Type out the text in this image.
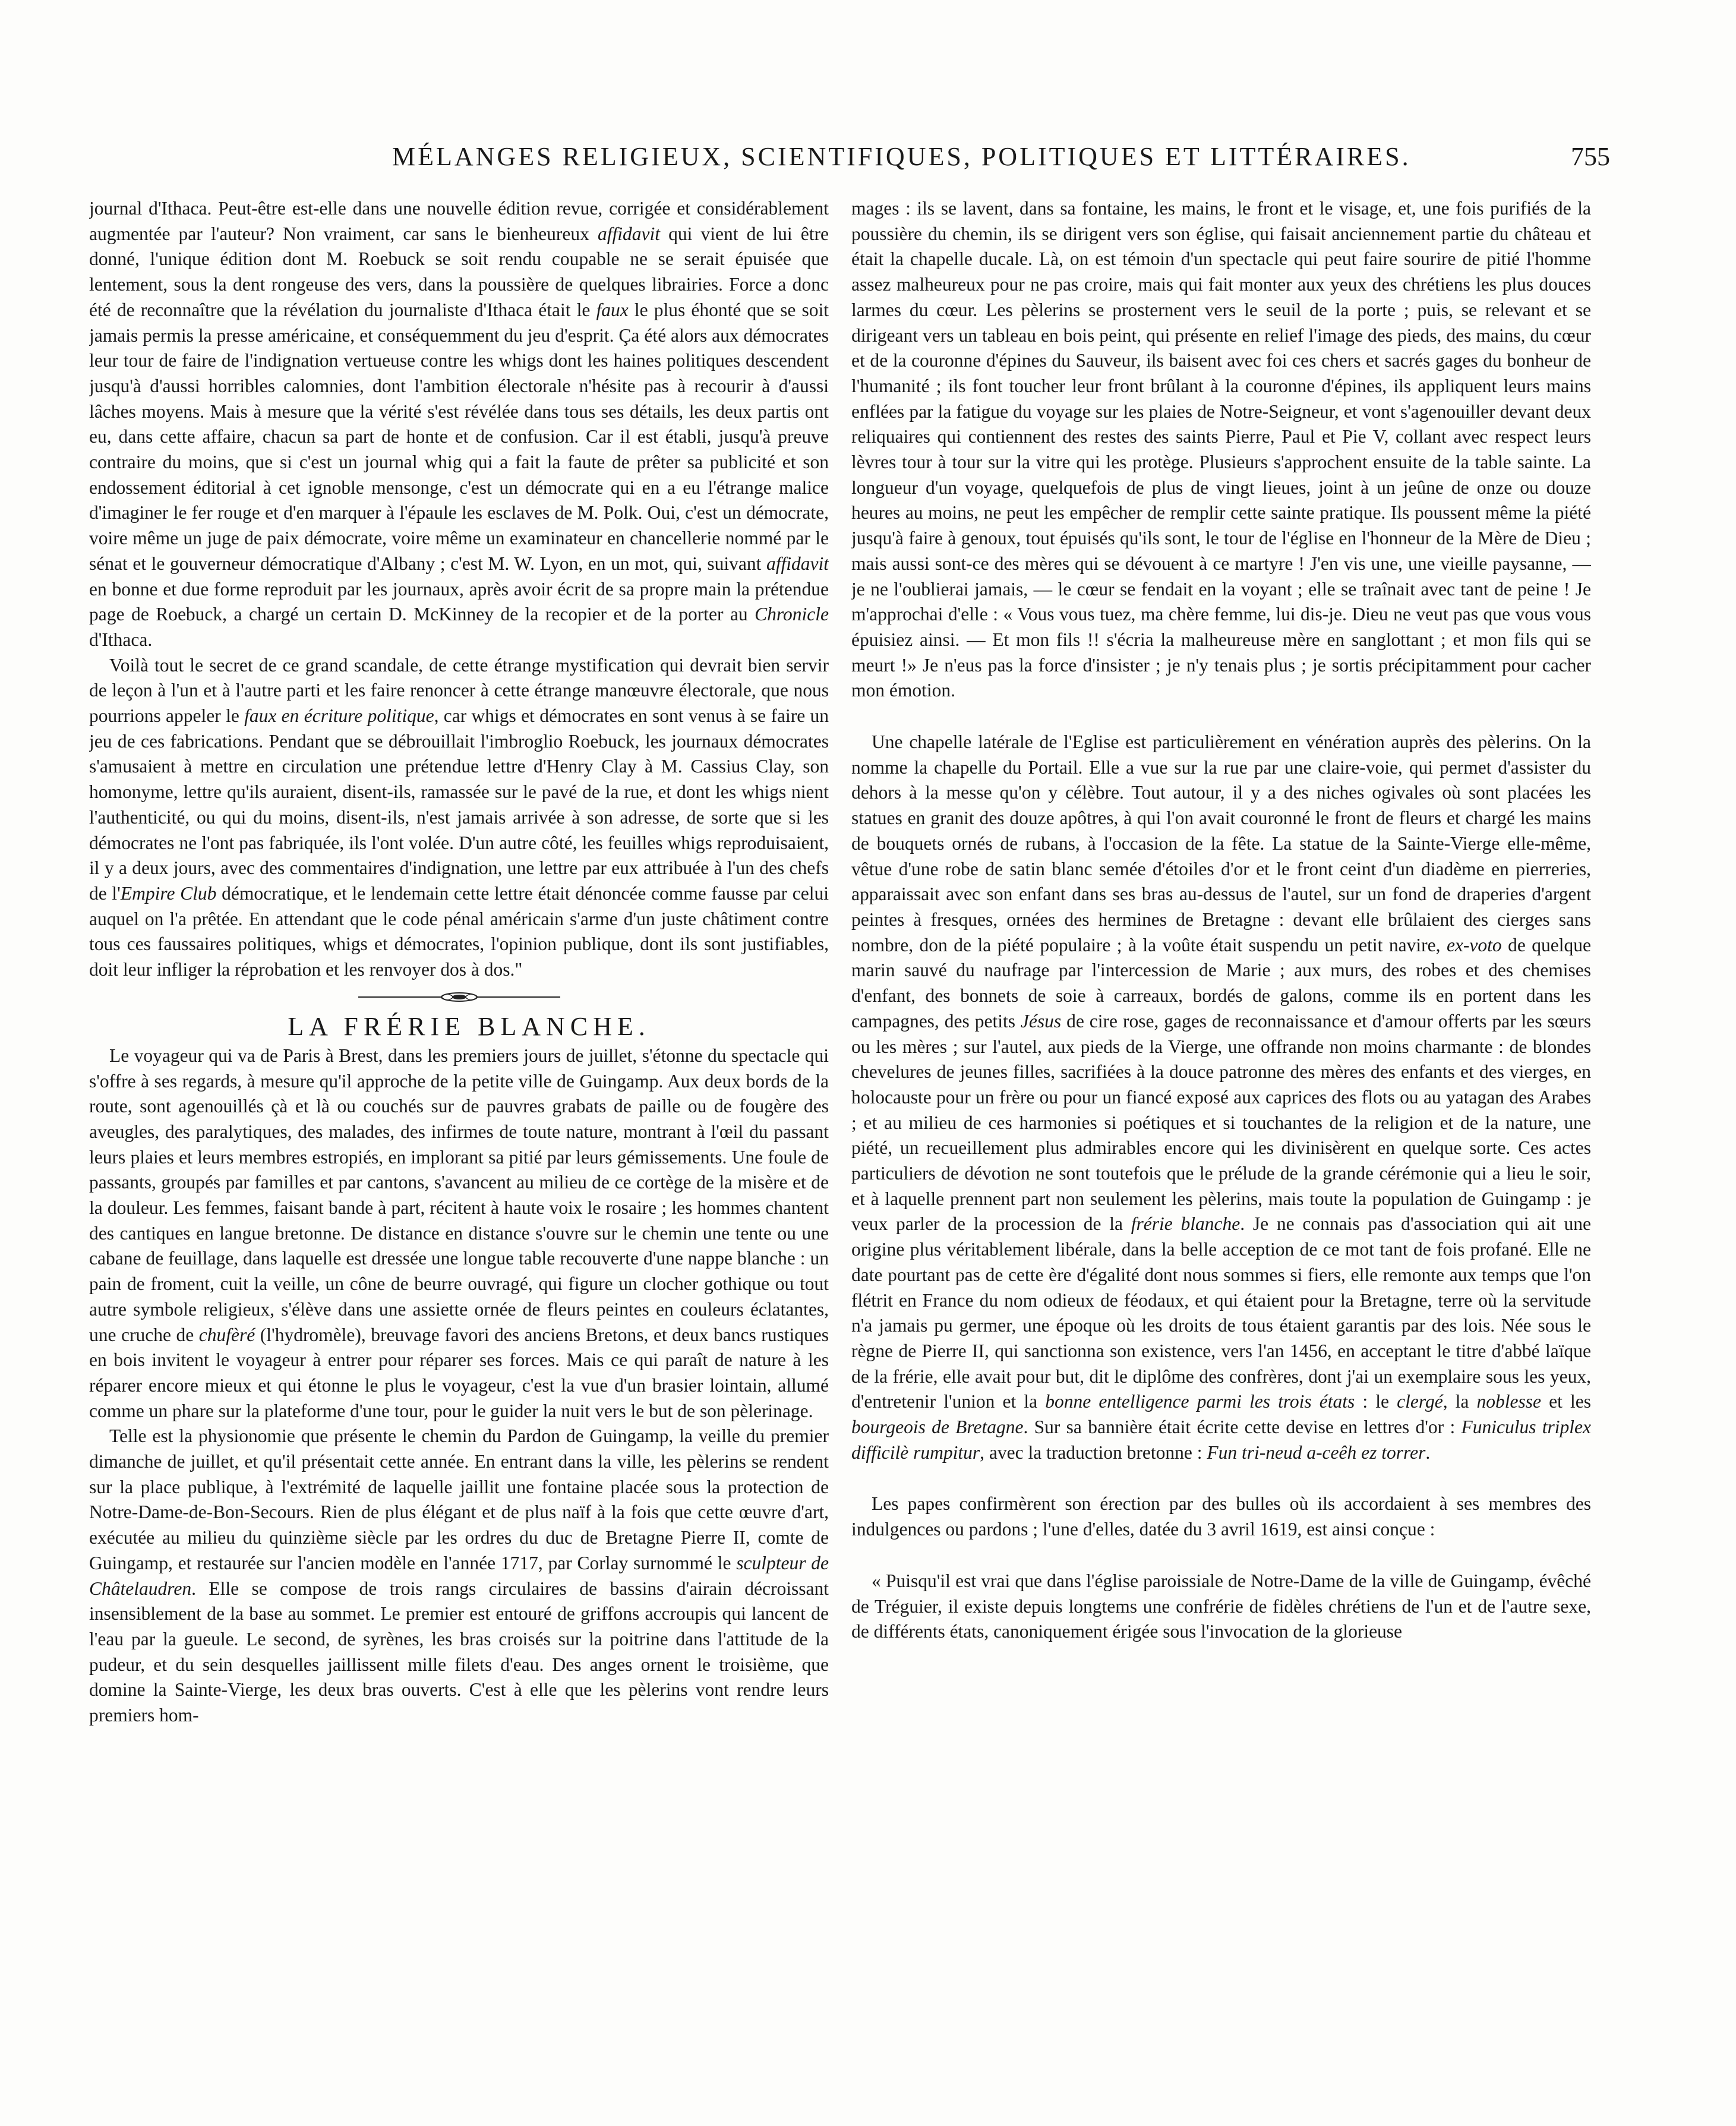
MÉLANGES RELIGIEUX, SCIENTIFIQUES, POLITIQUES ET LITTÉRAIRES.	755

journal d'Ithaca. Peut-être est-elle dans une nouvelle édition revue, corrigée et considérablement augmentée par l'auteur? Non vraiment, car sans le bienheureux affidavit qui vient de lui être donné, l'unique édition dont M. Roebuck se soit rendu coupable ne se serait épuisée que lentement, sous la dent rongeuse des vers, dans la poussière de quelques librairies. Force a donc été de reconnaître que la révélation du journaliste d'Ithaca était le faux le plus éhonté que se soit jamais permis la presse américaine, et conséquemment du jeu d'esprit. Ça été alors aux démocrates leur tour de faire de l'indignation vertueuse contre les whigs dont les haines politiques descendent jusqu'à d'aussi horribles calomnies, dont l'ambition électorale n'hésite pas à recourir à d'aussi lâches moyens. Mais à mesure que la vérité s'est révélée dans tous ses détails, les deux partis ont eu, dans cette affaire, chacun sa part de honte et de confusion. Car il est établi, jusqu'à preuve contraire du moins, que si c'est un journal whig qui a fait la faute de prêter sa publicité et son endossement éditorial à cet ignoble mensonge, c'est un démocrate qui en a eu l'étrange malice d'imaginer le fer rouge et d'en marquer à l'épaule les esclaves de M. Polk. Oui, c'est un démocrate, voire même un juge de paix démocrate, voire même un examinateur en chancellerie nommé par le sénat et le gouverneur démocratique d'Albany ; c'est M. W. Lyon, en un mot, qui, suivant affidavit en bonne et due forme reproduit par les journaux, après avoir écrit de sa propre main la prétendue page de Roebuck, a chargé un certain D. McKinney de la recopier et de la porter au Chronicle d'Ithaca.

Voilà tout le secret de ce grand scandale, de cette étrange mystification qui devrait bien servir de leçon à l'un et à l'autre parti et les faire renoncer à cette étrange manœuvre électorale, que nous pourrions appeler le faux en écriture politique, car whigs et démocrates en sont venus à se faire un jeu de ces fabrications. Pendant que se débrouillait l'imbroglio Roebuck, les journaux démocrates s'amusaient à mettre en circulation une prétendue lettre d'Henry Clay à M. Cassius Clay, son homonyme, lettre qu'ils auraient, disent-ils, ramassée sur le pavé de la rue, et dont les whigs nient l'authenticité, ou qui du moins, disent-ils, n'est jamais arrivée à son adresse, de sorte que si les démocrates ne l'ont pas fabriquée, ils l'ont volée. D'un autre côté, les feuilles whigs reproduisaient, il y a deux jours, avec des commentaires d'indignation, une lettre par eux attribuée à l'un des chefs de l'Empire Club démocratique, et le lendemain cette lettre était dénoncée comme fausse par celui auquel on l'a prêtée. En attendant que le code pénal américain s'arme d'un juste châtiment contre tous ces faussaires politiques, whigs et démocrates, l'opinion publique, dont ils sont justifiables, doit leur infliger la réprobation et les renvoyer dos à dos."

LA FRÉRIE BLANCHE.

Le voyageur qui va de Paris à Brest, dans les premiers jours de juillet, s'étonne du spectacle qui s'offre à ses regards, à mesure qu'il approche de la petite ville de Guingamp. Aux deux bords de la route, sont agenouillés çà et là ou couchés sur de pauvres grabats de paille ou de fougère des aveugles, des paralytiques, des malades, des infirmes de toute nature, montrant à l'œil du passant leurs plaies et leurs membres estropiés, en implorant sa pitié par leurs gémissements. Une foule de passants, groupés par familles et par cantons, s'avancent au milieu de ce cortège de la misère et de la douleur. Les femmes, faisant bande à part, récitent à haute voix le rosaire ; les hommes chantent des cantiques en langue bretonne. De distance en distance s'ouvre sur le chemin une tente ou une cabane de feuillage, dans laquelle est dressée une longue table recouverte d'une nappe blanche : un pain de froment, cuit la veille, un cône de beurre ouvragé, qui figure un clocher gothique ou tout autre symbole religieux, s'élève dans une assiette ornée de fleurs peintes en couleurs éclatantes, une cruche de chufèré (l'hydromèle), breuvage favori des anciens Bretons, et deux bancs rustiques en bois invitent le voyageur à entrer pour réparer ses forces. Mais ce qui paraît de nature à les réparer encore mieux et qui étonne le plus le voyageur, c'est la vue d'un brasier lointain, allumé comme un phare sur la plateforme d'une tour, pour le guider la nuit vers le but de son pèlerinage.

Telle est la physionomie que présente le chemin du Pardon de Guingamp, la veille du premier dimanche de juillet, et qu'il présentait cette année. En entrant dans la ville, les pèlerins se rendent sur la place publique, à l'extrémité de laquelle jaillit une fontaine placée sous la protection de Notre-Dame-de-Bon-Secours. Rien de plus élégant et de plus naïf à la fois que cette œuvre d'art, exécutée au milieu du quinzième siècle par les ordres du duc de Bretagne Pierre II, comte de Guingamp, et restaurée sur l'ancien modèle en l'année 1717, par Corlay surnommé le sculpteur de Châtelaudren. Elle se compose de trois rangs circulaires de bassins d'airain décroissant insensiblement de la base au sommet. Le premier est entouré de griffons accroupis qui lancent de l'eau par la gueule. Le second, de syrènes, les bras croisés sur la poitrine dans l'attitude de la pudeur, et du sein desquelles jaillissent mille filets d'eau. Des anges ornent le troisième, que domine la Sainte-Vierge, les deux bras ouverts. C'est à elle que les pèlerins vont rendre leurs premiers hom-

mages : ils se lavent, dans sa fontaine, les mains, le front et le visage, et, une fois purifiés de la poussière du chemin, ils se dirigent vers son église, qui faisait anciennement partie du château et était la chapelle ducale. Là, on est témoin d'un spectacle qui peut faire sourire de pitié l'homme assez malheureux pour ne pas croire, mais qui fait monter aux yeux des chrétiens les plus douces larmes du cœur. Les pèlerins se prosternent vers le seuil de la porte ; puis, se relevant et se dirigeant vers un tableau en bois peint, qui présente en relief l'image des pieds, des mains, du cœur et de la couronne d'épines du Sauveur, ils baisent avec foi ces chers et sacrés gages du bonheur de l'humanité ; ils font toucher leur front brûlant à la couronne d'épines, ils appliquent leurs mains enflées par la fatigue du voyage sur les plaies de Notre-Seigneur, et vont s'agenouiller devant deux reliquaires qui contiennent des restes des saints Pierre, Paul et Pie V, collant avec respect leurs lèvres tour à tour sur la vitre qui les protège. Plusieurs s'approchent ensuite de la table sainte. La longueur d'un voyage, quelquefois de plus de vingt lieues, joint à un jeûne de onze ou douze heures au moins, ne peut les empêcher de remplir cette sainte pratique. Ils poussent même la piété jusqu'à faire à genoux, tout épuisés qu'ils sont, le tour de l'église en l'honneur de la Mère de Dieu ; mais aussi sont-ce des mères qui se dévouent à ce martyre ! J'en vis une, une vieille paysanne, — je ne l'oublierai jamais, — le cœur se fendait en la voyant ; elle se traînait avec tant de peine ! Je m'approchai d'elle : « Vous vous tuez, ma chère femme, lui dis-je. Dieu ne veut pas que vous vous épuisiez ainsi. — Et mon fils !! s'écria la malheureuse mère en sanglottant ; et mon fils qui se meurt !» Je n'eus pas la force d'insister ; je n'y tenais plus ; je sortis précipitamment pour cacher mon émotion.

Une chapelle latérale de l'Eglise est particulièrement en vénération auprès des pèlerins. On la nomme la chapelle du Portail. Elle a vue sur la rue par une claire-voie, qui permet d'assister du dehors à la messe qu'on y célèbre. Tout autour, il y a des niches ogivales où sont placées les statues en granit des douze apôtres, à qui l'on avait couronné le front de fleurs et chargé les mains de bouquets ornés de rubans, à l'occasion de la fête. La statue de la Sainte-Vierge elle-même, vêtue d'une robe de satin blanc semée d'étoiles d'or et le front ceint d'un diadème en pierreries, apparaissait avec son enfant dans ses bras au-dessus de l'autel, sur un fond de draperies d'argent peintes à fresques, ornées des hermines de Bretagne : devant elle brûlaient des cierges sans nombre, don de la piété populaire ; à la voûte était suspendu un petit navire, ex-voto de quelque marin sauvé du naufrage par l'intercession de Marie ; aux murs, des robes et des chemises d'enfant, des bonnets de soie à carreaux, bordés de galons, comme ils en portent dans les campagnes, des petits Jésus de cire rose, gages de reconnaissance et d'amour offerts par les sœurs ou les mères ; sur l'autel, aux pieds de la Vierge, une offrande non moins charmante : de blondes chevelures de jeunes filles, sacrifiées à la douce patronne des mères des enfants et des vierges, en holocauste pour un frère ou pour un fiancé exposé aux caprices des flots ou au yatagan des Arabes ; et au milieu de ces harmonies si poétiques et si touchantes de la religion et de la nature, une piété, un recueillement plus admirables encore qui les divinisèrent en quelque sorte. Ces actes particuliers de dévotion ne sont toutefois que le prélude de la grande cérémonie qui a lieu le soir, et à laquelle prennent part non seulement les pèlerins, mais toute la population de Guingamp : je veux parler de la procession de la frérie blanche. Je ne connais pas d'association qui ait une origine plus véritablement libérale, dans la belle acception de ce mot tant de fois profané. Elle ne date pourtant pas de cette ère d'égalité dont nous sommes si fiers, elle remonte aux temps que l'on flétrit en France du nom odieux de féodaux, et qui étaient pour la Bretagne, terre où la servitude n'a jamais pu germer, une époque où les droits de tous étaient garantis par des lois. Née sous le règne de Pierre II, qui sanctionna son existence, vers l'an 1456, en acceptant le titre d'abbé laïque de la frérie, elle avait pour but, dit le diplôme des confrères, dont j'ai un exemplaire sous les yeux, d'entretenir l'union et la bonne entelligence parmi les trois états : le clergé, la noblesse et les bourgeois de Bretagne. Sur sa bannière était écrite cette devise en lettres d'or : Funiculus triplex difficilè rumpitur, avec la traduction bretonne : Fun tri-neud a-ceêh ez torrer.

Les papes confirmèrent son érection par des bulles où ils accordaient à ses membres des indulgences ou pardons ; l'une d'elles, datée du 3 avril 1619, est ainsi conçue :

« Puisqu'il est vrai que dans l'église paroissiale de Notre-Dame de la ville de Guingamp, évêché de Tréguier, il existe depuis longtems une confrérie de fidèles chrétiens de l'un et de l'autre sexe, de différents états, canoniquement érigée sous l'invocation de la glorieuse
